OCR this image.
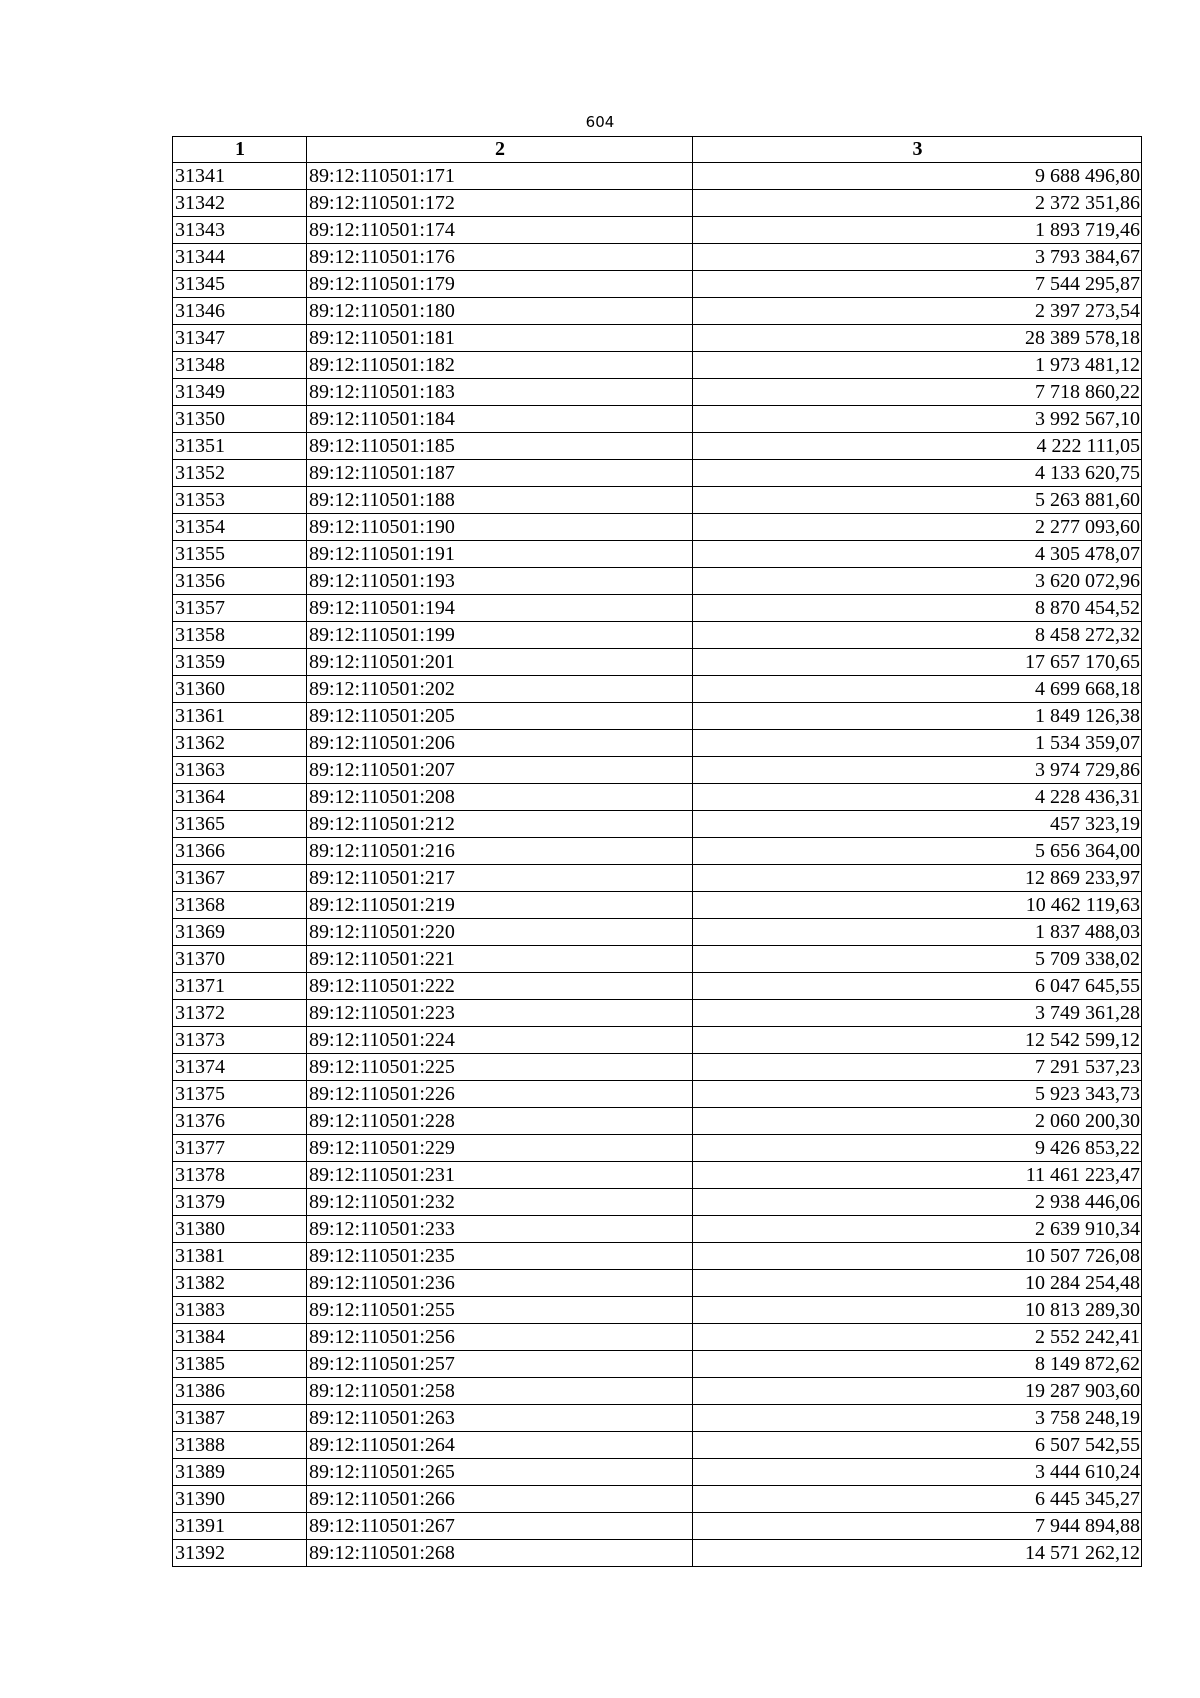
604
1	2	3
31341	89:12:110501:171	9 688 496,80
31342	89:12:110501:172	2 372 351,86
31343	89:12:110501:174	1 893 719,46
31344	89:12:110501:176	3 793 384,67
31345	89:12:110501:179	7 544 295,87
31346	89:12:110501:180	2 397 273,54
31347	89:12:110501:181	28 389 578,18
31348	89:12:110501:182	1 973 481,12
31349	89:12:110501:183	7 718 860,22
31350	89:12:110501:184	3 992 567,10
31351	89:12:110501:185	4 222 111,05
31352	89:12:110501:187	4 133 620,75
31353	89:12:110501:188	5 263 881,60
31354	89:12:110501:190	2 277 093,60
31355	89:12:110501:191	4 305 478,07
31356	89:12:110501:193	3 620 072,96
31357	89:12:110501:194	8 870 454,52
31358	89:12:110501:199	8 458 272,32
31359	89:12:110501:201	17 657 170,65
31360	89:12:110501:202	4 699 668,18
31361	89:12:110501:205	1 849 126,38
31362	89:12:110501:206	1 534 359,07
31363	89:12:110501:207	3 974 729,86
31364	89:12:110501:208	4 228 436,31
31365	89:12:110501:212	457 323,19
31366	89:12:110501:216	5 656 364,00
31367	89:12:110501:217	12 869 233,97
31368	89:12:110501:219	10 462 119,63
31369	89:12:110501:220	1 837 488,03
31370	89:12:110501:221	5 709 338,02
31371	89:12:110501:222	6 047 645,55
31372	89:12:110501:223	3 749 361,28
31373	89:12:110501:224	12 542 599,12
31374	89:12:110501:225	7 291 537,23
31375	89:12:110501:226	5 923 343,73
31376	89:12:110501:228	2 060 200,30
31377	89:12:110501:229	9 426 853,22
31378	89:12:110501:231	11 461 223,47
31379	89:12:110501:232	2 938 446,06
31380	89:12:110501:233	2 639 910,34
31381	89:12:110501:235	10 507 726,08
31382	89:12:110501:236	10 284 254,48
31383	89:12:110501:255	10 813 289,30
31384	89:12:110501:256	2 552 242,41
31385	89:12:110501:257	8 149 872,62
31386	89:12:110501:258	19 287 903,60
31387	89:12:110501:263	3 758 248,19
31388	89:12:110501:264	6 507 542,55
31389	89:12:110501:265	3 444 610,24
31390	89:12:110501:266	6 445 345,27
31391	89:12:110501:267	7 944 894,88
31392	89:12:110501:268	14 571 262,12
